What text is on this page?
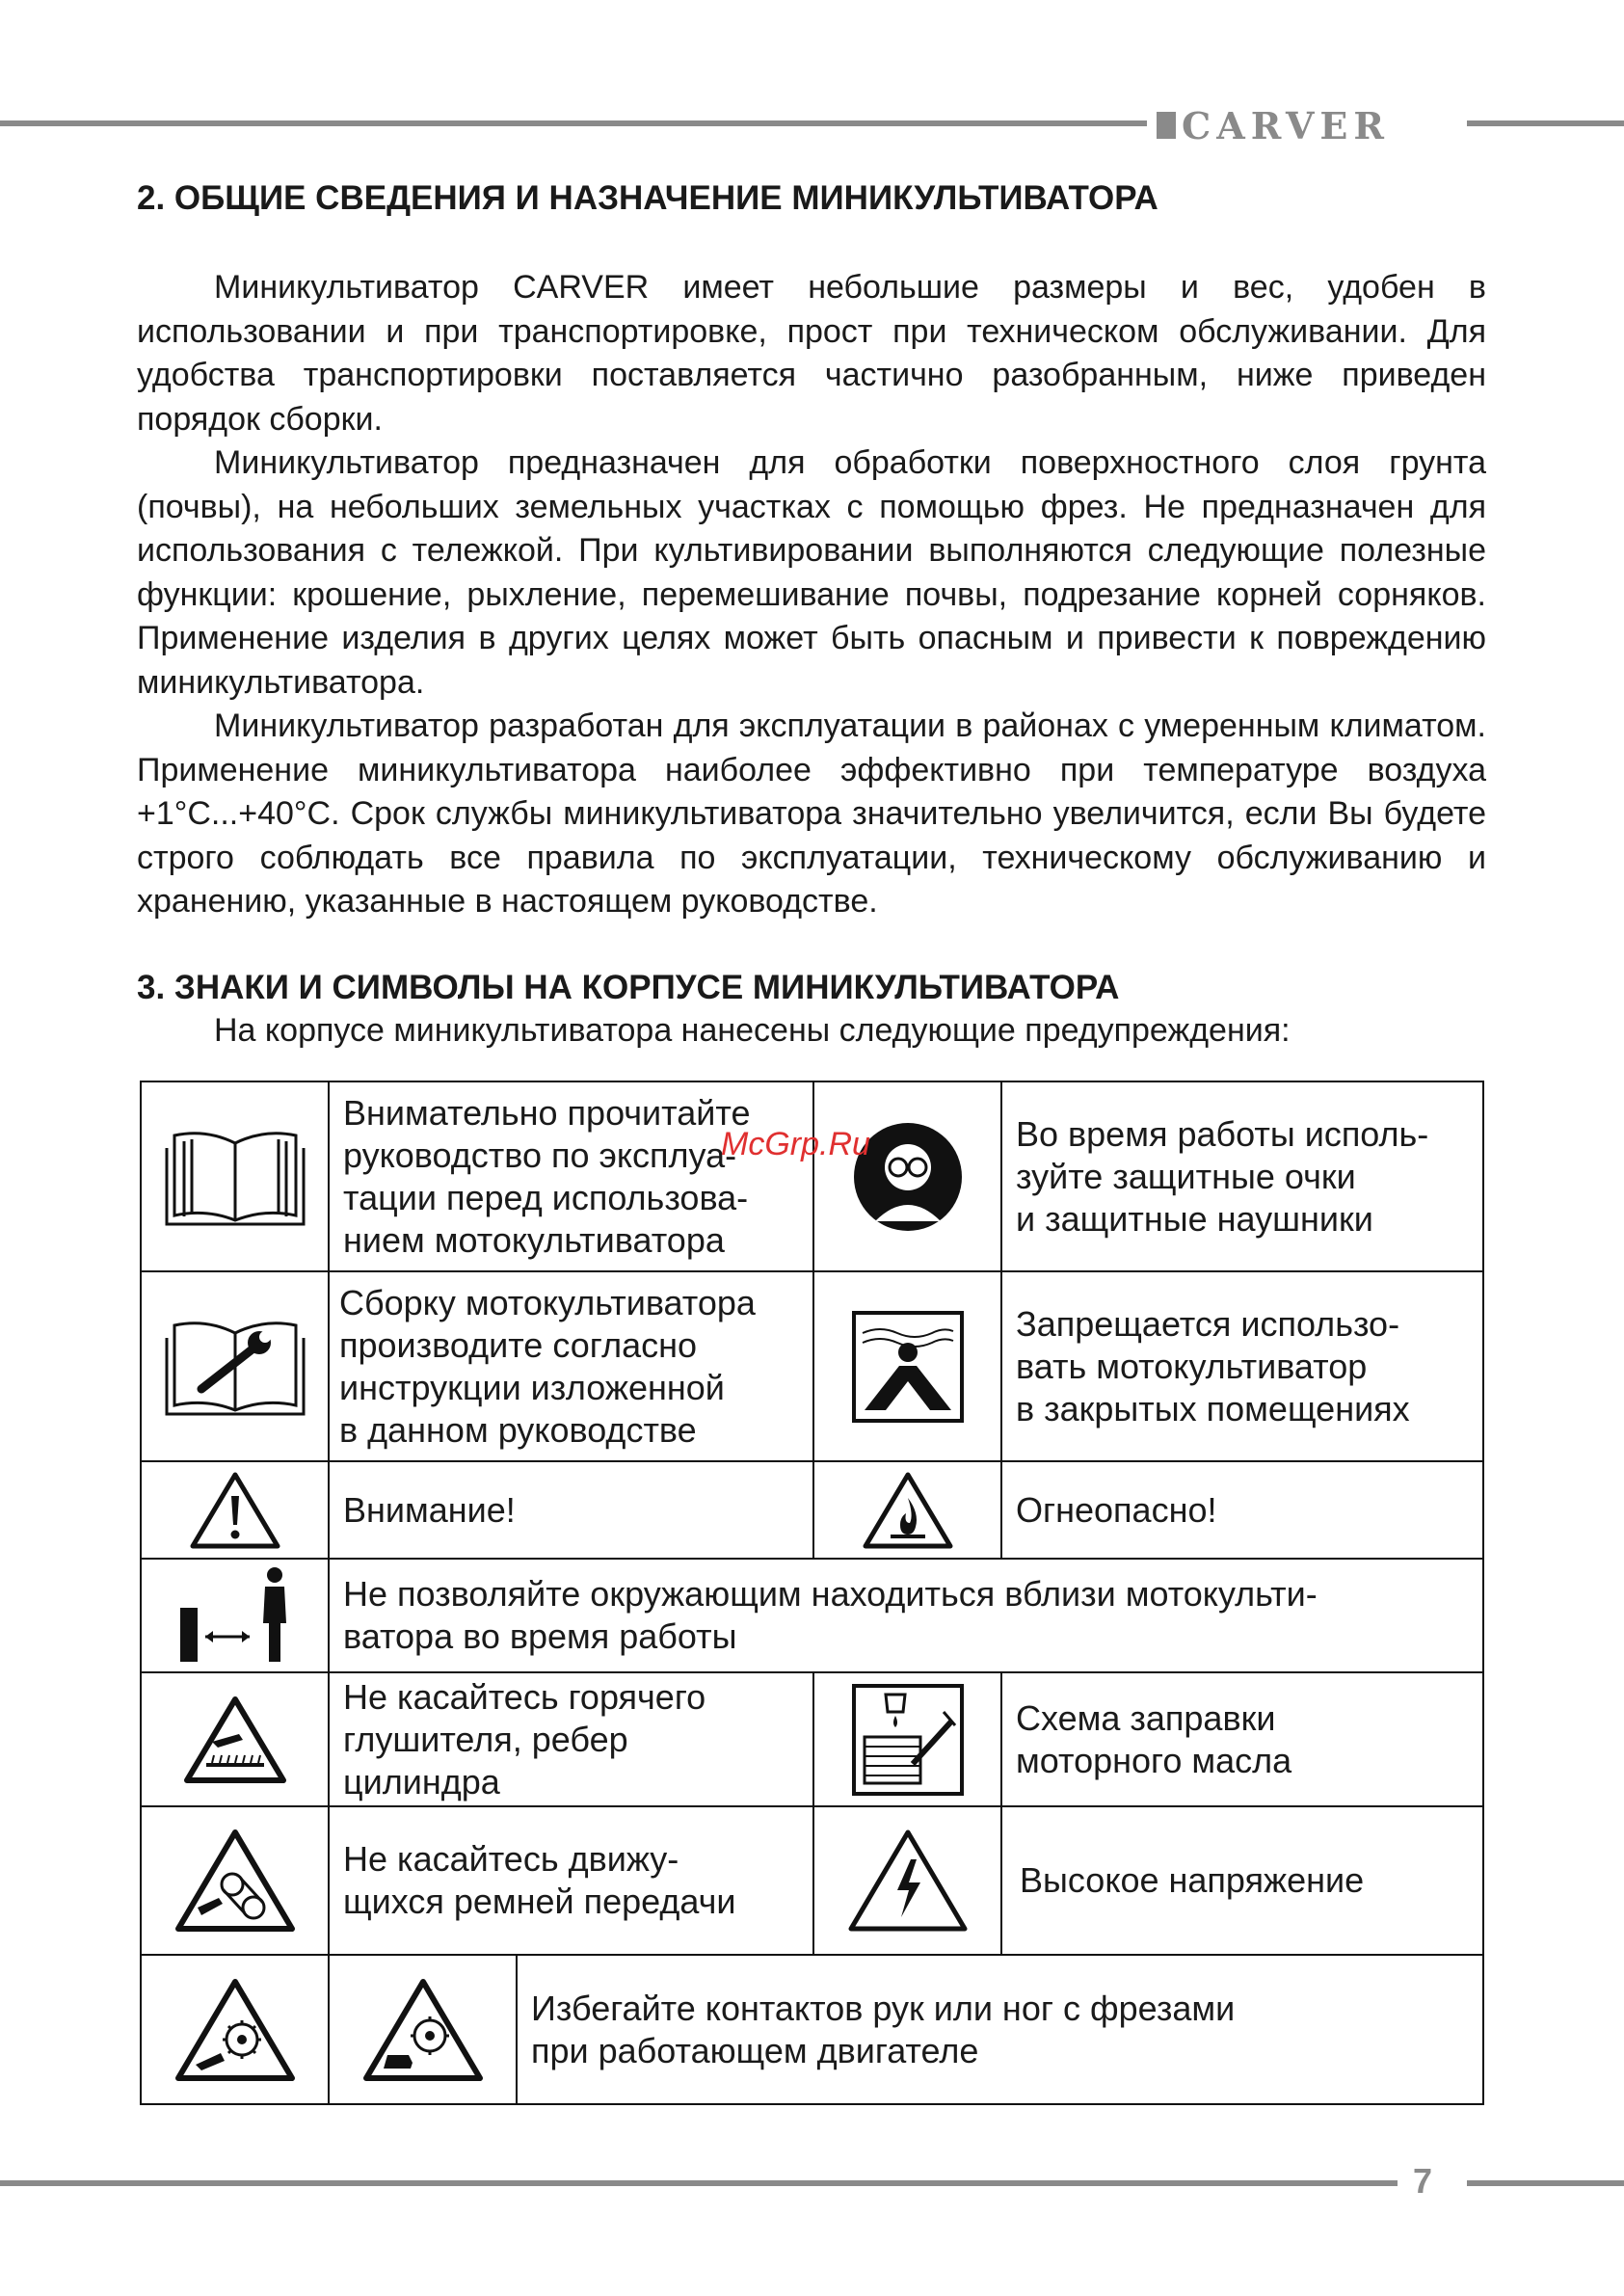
CARVER
2. ОБЩИЕ СВЕДЕНИЯ И НАЗНАЧЕНИЕ МИНИКУЛЬТИВАТОРА

Миникультиватор CARVER имеет небольшие размеры и вес, удобен в использовании и при транспортировке, прост при техническом обслуживании. Для удобства транспортировки поставляется частично разобранным, ниже приведен порядок сборки.

Миникультиватор предназначен для обработки поверхностного слоя грунта (почвы), на небольших земельных участках с помощью фрез. Не предназначен для использования с тележкой. При культивировании выполняются следующие полезные функции: крошение, рыхление, перемешивание почвы, подрезание корней сорняков. Применение изделия в других целях может быть опасным и привести к повреждению миникультиватора.

Миникультиватор разработан для эксплуатации в районах с умеренным климатом. Применение миникультиватора наиболее эффективно при температуре воздуха +1°С...+40°С. Срок службы миникультиватора значительно увеличится, если Вы будете строго соблюдать все правила по эксплуатации, техническому обслуживанию и хранению, указанные в настоящем руководстве.

3. ЗНАКИ И СИМВОЛЫ НА КОРПУСЕ МИНИКУЛЬТИВАТОРА

На корпусе миникультиватора нанесены следующие предупреждения:

Внимательно прочитайте
руководство по эксплуа-
тации перед использова-
нием мотокультиватора
Во время работы исполь-
зуйте защитные очки
и защитные наушники
Сборку мотокультиватора
производите согласно
инструкции изложенной
в данном руководстве
Запрещается использо-
вать мотокультиватор
в закрытых помещениях
Внимание!	Огнеопасно!
Не позволяйте окружающим находиться вблизи мотокульти-
ватора во время работы
Не касайтесь горячего
глушителя, ребер
цилиндра
Схема заправки
моторного масла
Не касайтесь движу-
щихся ремней передачи
Высокое напряжение
Избегайте контактов рук или ног с фрезами
при работающем двигателе
McGrp.Ru
7
